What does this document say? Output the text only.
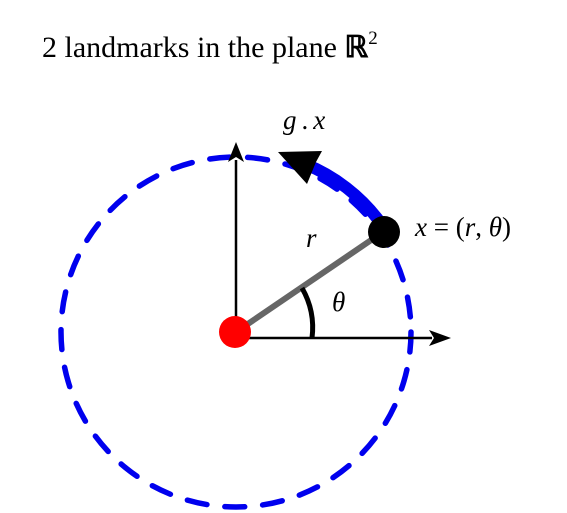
2 landmarks in the plane ℝ$^2$
g . x
x = (r, θ)
r
θ
